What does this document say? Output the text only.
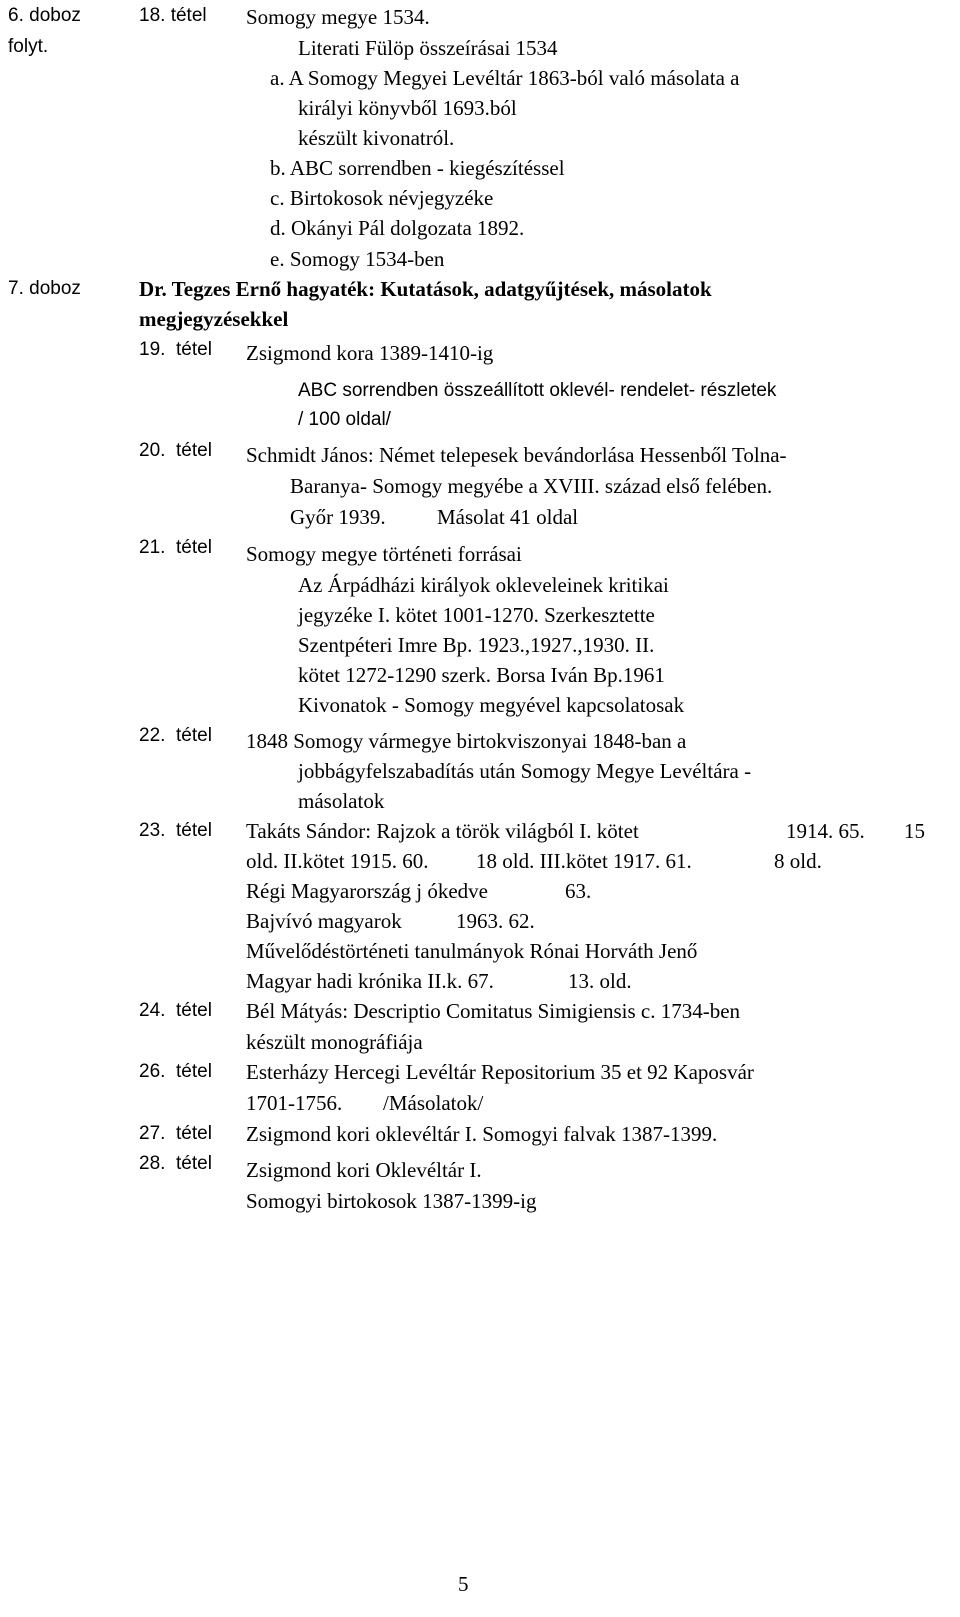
6. doboz
folyt.
18. tétel Somogy megye 1534.
Literati Fülöp összeírásai 1534
a. A Somogy Megyei Levéltár 1863-ból való másolata a
királyi könyvből 1693.ból
készült kivonatról.
b. ABC sorrendben - kiegészítéssel
c. Birtokosok névjegyzéke
d. Okányi Pál dolgozata 1892.
e. Somogy 1534-ben
7. doboz	Dr. Tegzes Ernő hagyaték: Kutatások, adatgyűjtések, másolatok
megjegyzésekkel
19. tétel Zsigmond kora 1389-1410-ig
ABC sorrendben összeállított oklevél- rendelet- részletek
/ 100 oldal/
20. tétel Schmidt János: Német telepesek bevándorlása Hessenből Tolna-
Baranya- Somogy megyébe a XVIII. század első felében.
Győr 1939. Másolat 41 oldal
21. tétel Somogy megye történeti forrásai
Az Árpádházi királyok okleveleinek kritikai
jegyzéke I. kötet 1001-1270. Szerkesztette
Szentpéteri Imre Bp. 1923.,1927.,1930. II.
kötet 1272-1290 szerk. Borsa Iván Bp.1961
Kivonatok - Somogy megyével kapcsolatosak
22. tétel 1848 Somogy vármegye birtokviszonyai 1848-ban a
jobbágyfelszabadítás után Somogy Megye Levéltára -
másolatok
23. tétel Takáts Sándor: Rajzok a török világból I. kötet	1914. 65. 15
old. II.kötet 1915. 60. 18 old. III.kötet 1917. 61.	8 old.
Régi Magyarország j ókedve	63.
Bajvívó magyarok	1963. 62.
Művelődéstörténeti tanulmányok Rónai Horváth Jenő
Magyar hadi krónika II.k. 67.	13. old.
24. tétel Bél Mátyás: Descriptio Comitatus Simigiensis c. 1734-ben
készült monográfiája
26. tétel Esterházy Hercegi Levéltár Repositorium 35 et 92 Kaposvár
1701-1756. /Másolatok/
27. tétel Zsigmond kori oklevéltár I. Somogyi falvak 1387-1399.
28. tétel Zsigmond kori Oklevéltár I.
Somogyi birtokosok 1387-1399-ig
5
